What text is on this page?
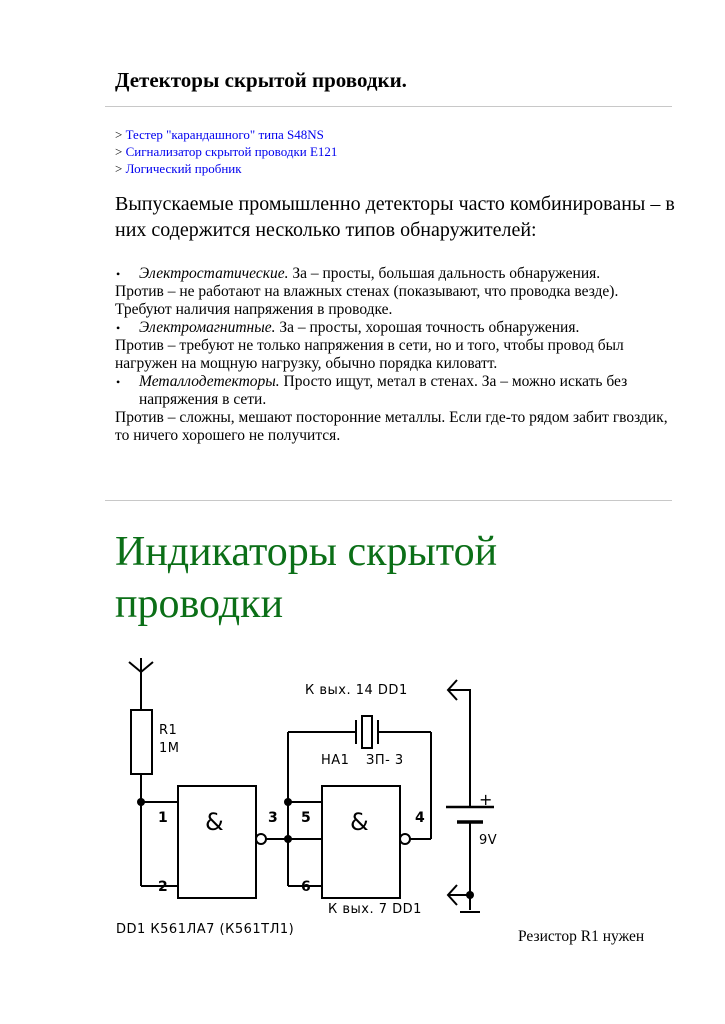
Детекторы скрытой проводки.
> Тестер "карандашного" типа S48NS
> Сигнализатор скрытой проводки Е121
> Логический пробник

Выпускаемые промышленно детекторы часто комбинированы – в них содержится несколько типов обнаружителей:

• Электростатические. За – просты, большая дальность обнаружения.
Против – не работают на влажных стенах (показывают, что проводка везде). Требуют наличия напряжения в проводке.
• Электромагнитные. За – просты, хорошая точность обнаружения.
Против – требуют не только напряжения в сети, но и того, чтобы провод был нагружен на мощную нагрузку, обычно порядка киловатт.
• Металлодетекторы. Просто ищут, метал в стенах. За – можно искать без напряжения в сети.
Против – сложны, мешают посторонние металлы. Если где-то рядом забит гвоздик, то ничего хорошего не получится.
Индикаторы скрытой проводки
R1
1M
К вых. 14 DD1
НА1 ЗП- 3
К вых. 7 DD1
9V
+
&	&
1
2
3	4
5
6
DD1 К561ЛА7 (К561ТЛ1)	Резистор R1 нужен
